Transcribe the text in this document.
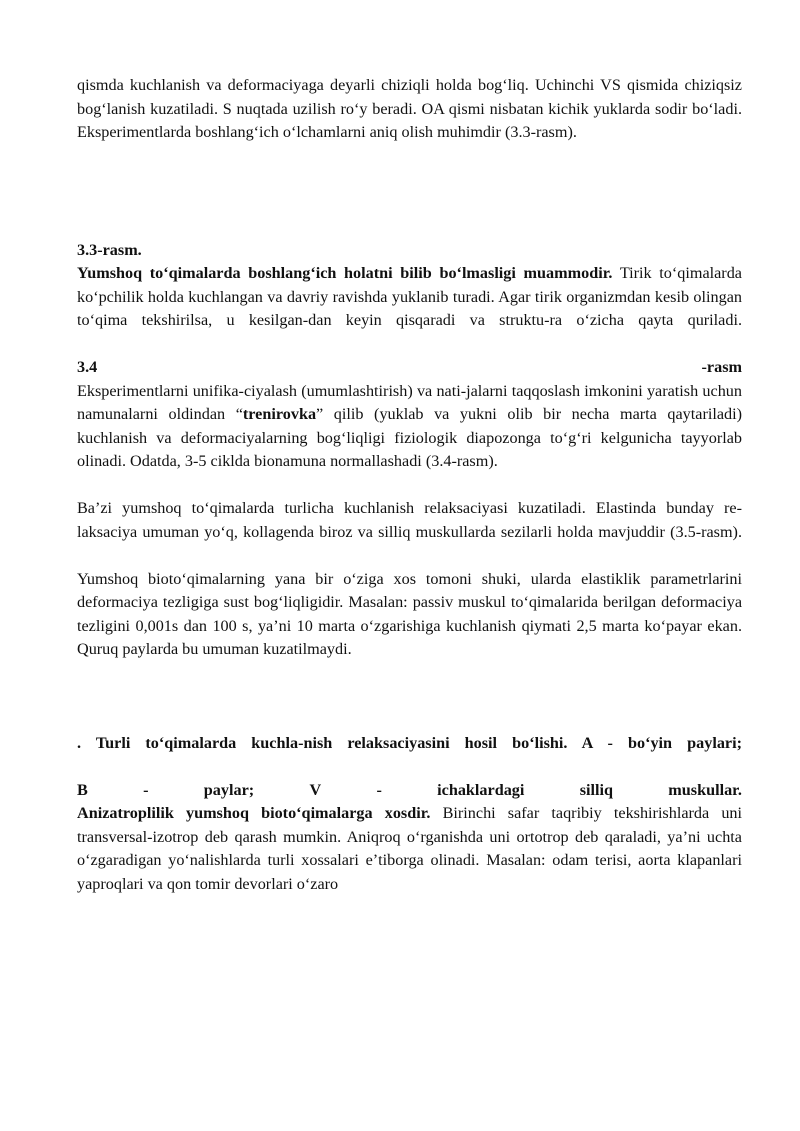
qismda kuchlanish va deformaciyaga deyarli chiziqli holda bogʻliq. Uchinchi VS qismida chiziqsiz bogʻlanish kuzatiladi. S nuqtada uzilish roʻy beradi. OA qismi nisbatan kichik yuklarda sodir boʻladi. Eksperimentlarda boshlangʻich oʻlchamlarni aniq olish muhimdir (3.3-rasm).

3.3-rasm.

Yumshoq toʻqimalarda boshlangʻich holatni bilib boʻlmasligi muammodir. Tirik toʻqimalarda koʻpchilik holda kuchlangan va davriy ravishda yuklanib turadi. Agar tirik organizmdan kesib olingan toʻqima tekshirilsa, u kesilgan-dan keyin qisqaradi va struktu-ra oʻzicha qayta quriladi.

3.4	-rasm

Eksperimentlarni unifika-ciyalash (umumlashtirish) va nati-jalarni taqqoslash imkonini yaratish uchun namunalarni oldindan “trenirovka” qilib (yuklab va yukni olib bir necha marta qaytariladi) kuchlanish va deformaciyalarning bogʻliqligi fiziologik diapozonga toʻgʻri kelgunicha tayyorlab olinadi. Odatda, 3-5 ciklda bionamuna normallashadi (3.4-rasm).

Baʼzi yumshoq toʻqimalarda turlicha kuchlanish relaksaciyasi kuzatiladi. Elastinda bunday re-laksaciya umuman yoʻq, kollagenda biroz va silliq muskullarda sezilarli holda mavjuddir (3.5-rasm).

Yumshoq biotoʻqimalarning yana bir oʻziga xos tomoni shuki, ularda elastiklik parametrlarini deformaciya tezligiga sust bogʻliqligidir. Masalan: passiv muskul toʻqimalarida berilgan deformaciya tezligini 0,001s dan 100 s, yaʼni 10 marta oʻzgarishiga kuchlanish qiymati 2,5 marta koʻpayar ekan. Quruq paylarda bu umuman kuzatilmaydi.

. Turli toʻqimalarda kuchla-nish relaksaciyasini hosil boʻlishi. A - boʻyin paylari;

B	-	paylar;	V	-	ichaklardagi	silliq	muskullar.

Anizatroplilik yumshoq biotoʻqimalarga xosdir. Birinchi safar taqribiy tekshirishlarda uni transversal-izotrop deb qarash mumkin. Aniqroq oʻrganishda uni ortotrop deb qaraladi, yaʼni uchta oʻzgaradigan yoʻnalishlarda turli xossalari eʼtiborga olinadi. Masalan: odam terisi, aorta klapanlari yaproqlari va qon tomir devorlari oʻzaro
